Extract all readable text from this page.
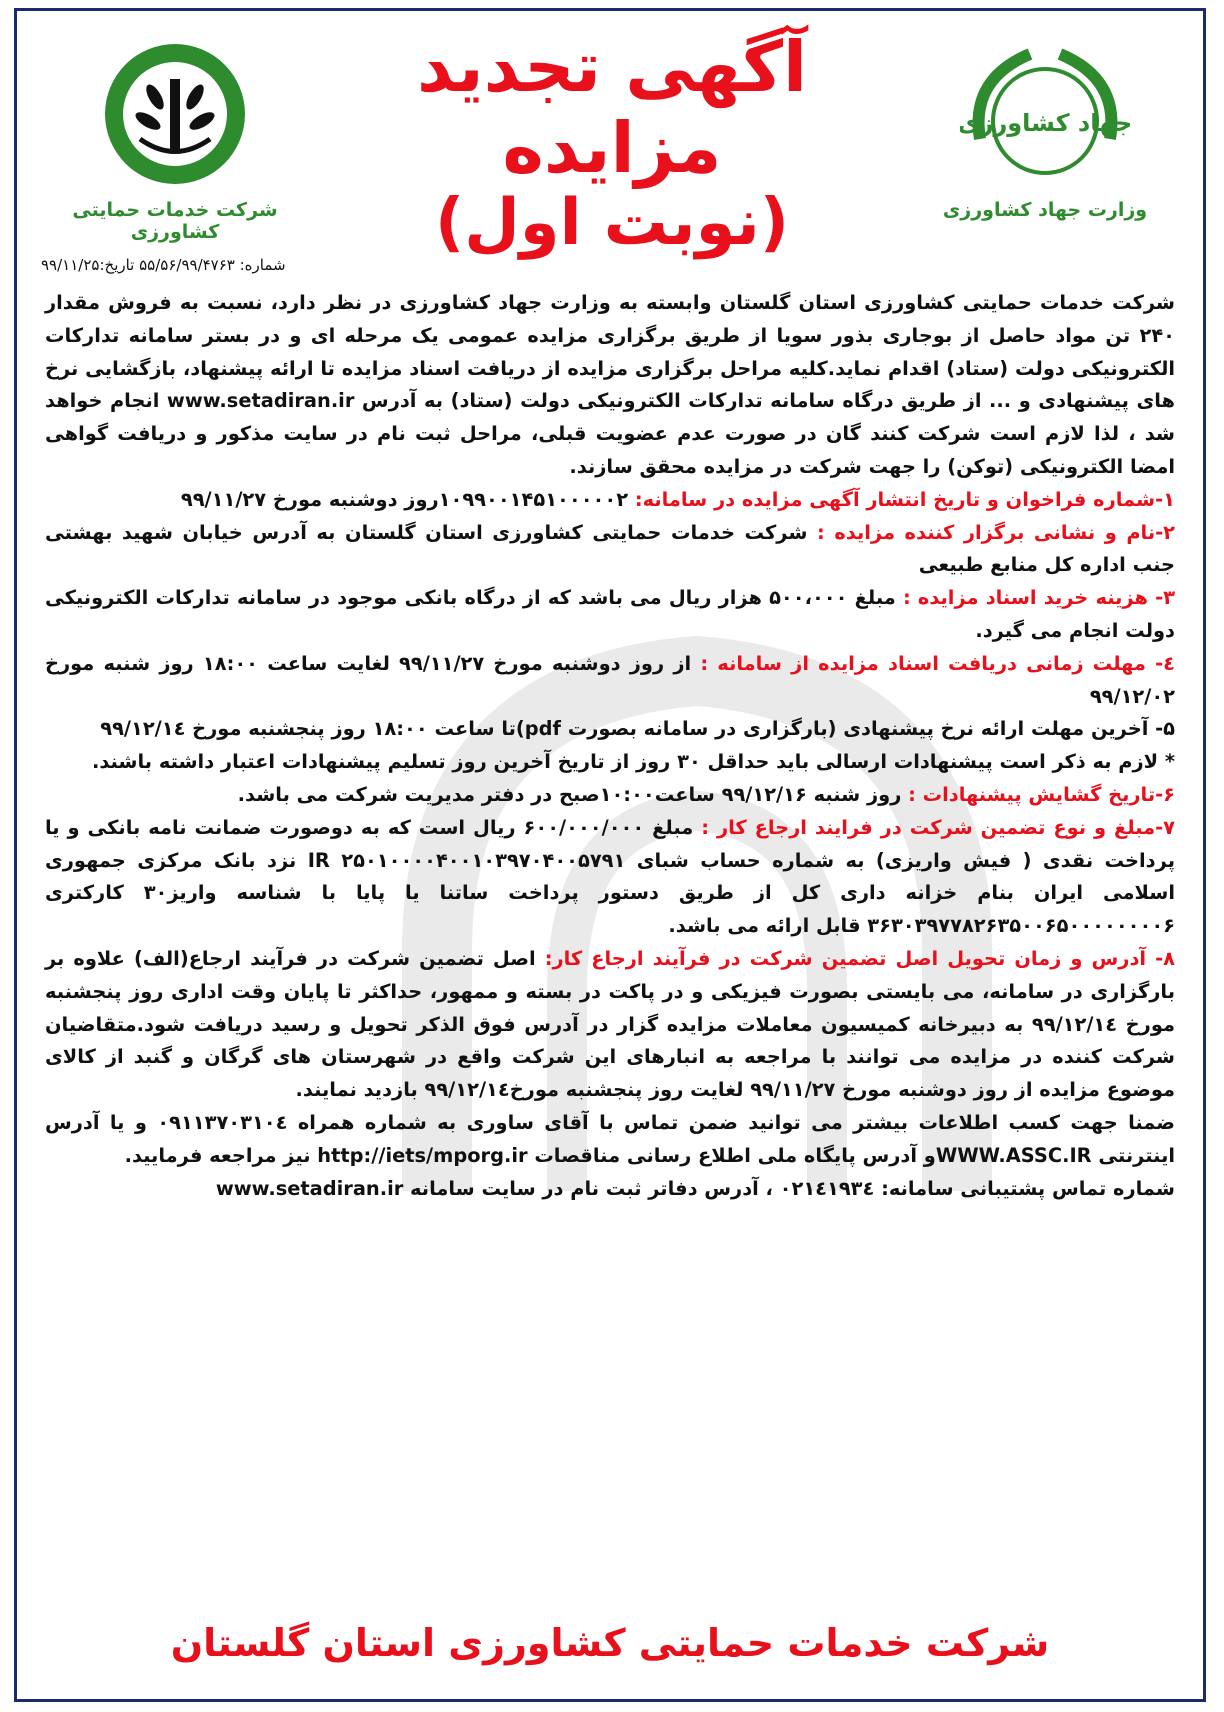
شرکت خدمات حمایتی کشاورزی
آگهی تجدید مزایده
(نوبت اول)
جهاد کشاورزی
وزارت جهاد کشاورزی
شماره: ۵۵/۵۶/۹۹/۴۷۶۳ تاریخ:۹۹/۱۱/۲۵

شرکت خدمات حمایتی کشاورزی استان گلستان وابسته به وزارت جهاد کشاورزی در نظر دارد، نسبت به فروش مقدار ۲۴۰ تن مواد حاصل از بوجاری بذور سویا از طریق برگزاری مزایده عمومی یک مرحله ای و در بستر سامانه تدارکات الکترونیکی دولت (ستاد) اقدام نماید.کلیه مراحل برگزاری مزایده از دریافت اسناد مزایده تا ارائه پیشنهاد، بازگشایی نرخ های پیشنهادی و ... از طریق درگاه سامانه تدارکات الکترونیکی دولت (ستاد) به آدرس www.setadiran.ir انجام خواهد شد ، لذا لازم است شرکت کنند گان در صورت عدم عضویت قبلی، مراحل ثبت نام در سایت مذکور و دریافت گواهی امضا الکترونیکی (توکن) را جهت شرکت در مزایده محقق سازند.

۱-شماره فراخوان و تاریخ انتشار آگهی مزایده در سامانه: ۱۰۹۹۰۰۱۴۵۱۰۰۰۰۰۲روز دوشنبه مورخ ۹۹/۱۱/۲۷

۲-نام و نشانی برگزار کننده مزایده : شرکت خدمات حمایتی کشاورزی استان گلستان به آدرس خیابان شهید بهشتی جنب اداره کل منابع طبیعی

۳- هزینه خرید اسناد مزایده : مبلغ ۵۰۰،۰۰۰ هزار ریال می باشد که از درگاه بانکی موجود در سامانه تدارکات الکترونیکی دولت انجام می گیرد.

٤- مهلت زمانی دریافت اسناد مزایده از سامانه : از روز دوشنبه مورخ ۹۹/۱۱/۲۷ لغایت ساعت ۱۸:۰۰ روز شنبه مورخ ۹۹/۱۲/۰۲

۵- آخرین مهلت ارائه نرخ پیشنهادی (بارگزاری در سامانه بصورت pdf)تا ساعت ۱۸:۰۰ روز پنجشنبه مورخ ۹۹/۱۲/۱٤

* لازم به ذکر است پیشنهادات ارسالی باید حداقل ۳۰ روز از تاریخ آخرین روز تسلیم پیشنهادات اعتبار داشته باشند.

۶-تاریخ گشایش پیشنهادات : روز شنبه ۹۹/۱۲/۱۶ ساعت۱۰:۰۰صبح در دفتر مدیریت شرکت می باشد.

۷-مبلغ و نوع تضمین شرکت در فرایند ارجاع کار : مبلغ ۶۰۰/۰۰۰/۰۰۰ ریال است که به دوصورت ضمانت نامه بانکی و یا پرداخت نقدی ( فیش واریزی) به شماره حساب شبای IR ۲۵۰۱۰۰۰۰۴۰۰۱۰۳۹۷۰۴۰۰۵۷۹۱ نزد بانک مرکزی جمهوری اسلامی ایران بنام خزانه داری کل از طریق دستور پرداخت ساتنا یا پایا با شناسه واریز۳۰ کارکتری ۳۶۳۰۳۹۷۷۸۲۶۳۵۰۰۶۵۰۰۰۰۰۰۰۰۶ قابل ارائه می باشد.

۸- آدرس و زمان تحویل اصل تضمین شرکت در فرآیند ارجاع کار: اصل تضمین شرکت در فرآیند ارجاع(الف) علاوه بر بارگزاری در سامانه، می بایستی بصورت فیزیکی و در پاکت در بسته و ممهور، حداکثر تا پایان وقت اداری روز پنجشنبه مورخ ۹۹/۱۲/۱٤ به دبیرخانه کمیسیون معاملات مزایده گزار در آدرس فوق الذکر تحویل و رسید دریافت شود.متقاضیان شرکت کننده در مزایده می توانند با مراجعه به انبارهای این شرکت واقع در شهرستان های گرگان و گنبد از کالای موضوع مزایده از روز دوشنبه مورخ ۹۹/۱۱/۲۷ لغایت روز پنجشنبه مورخ۹۹/۱۲/۱٤ بازدید نمایند.

ضمنا جهت کسب اطلاعات بیشتر می توانید ضمن تماس با آقای ساوری به شماره همراه ۰۹۱۱۳۷۰۳۱۰٤ و یا آدرس اینترنتی WWW.ASSC.IRو آدرس پایگاه ملی اطلاع رسانی مناقصات http://iets/mporg.ir نیز مراجعه فرمایید.

شماره تماس پشتیبانی سامانه: ۰۲۱٤۱۹۳٤ ، آدرس دفاتر ثبت نام در سایت سامانه www.setadiran.ir

شرکت خدمات حمایتی کشاورزی استان گلستان
